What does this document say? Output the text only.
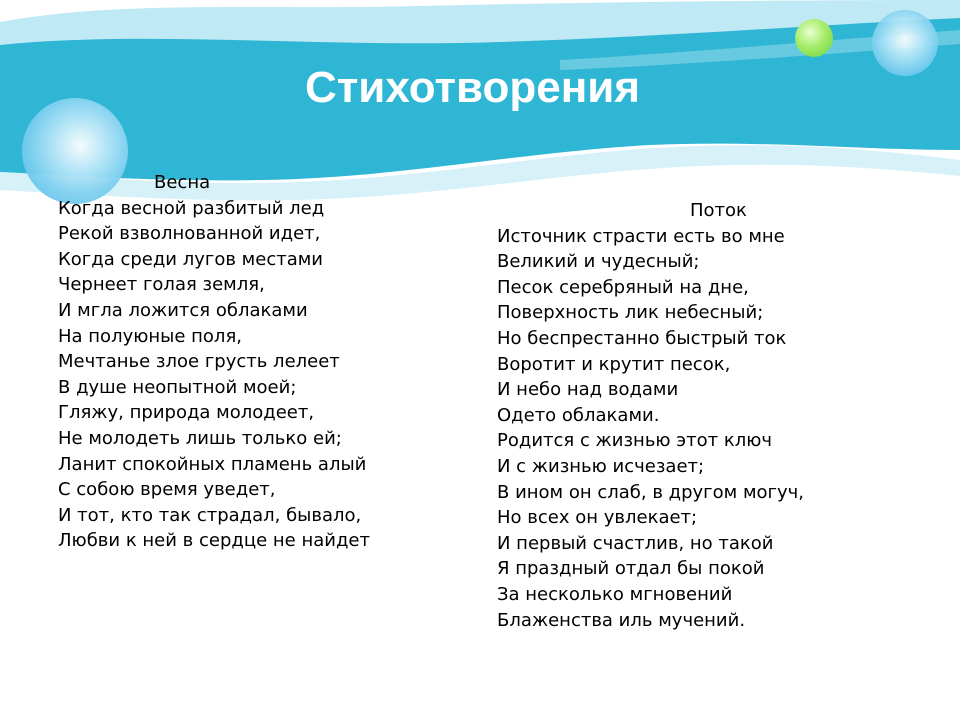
Стихотворения

Весна

Когда весной разбитый лед

Рекой взволнованной идет,

Когда среди лугов местами

Чернеет голая земля,

И мгла ложится облаками

На полуюные поля,

Мечтанье злое грусть лелеет

В душе неопытной моей;

Гляжу, природа молодеет,

Не молодеть лишь только ей;

Ланит спокойных пламень алый

С собою время уведет,

И тот, кто так страдал, бывало,

Любви к ней в сердце не найдет

Поток

Источник страсти есть во мне

Великий и чудесный;

Песок серебряный на дне,

Поверхность лик небесный;

Но беспрестанно быстрый ток

Воротит и крутит песок,

И небо над водами

Одето облаками.

Родится с жизнью этот ключ

И с жизнью исчезает;

В ином он слаб, в другом могуч,

Но всех он увлекает;

И первый счастлив, но такой

Я праздный отдал бы покой

За несколько мгновений

Блаженства иль мучений.
